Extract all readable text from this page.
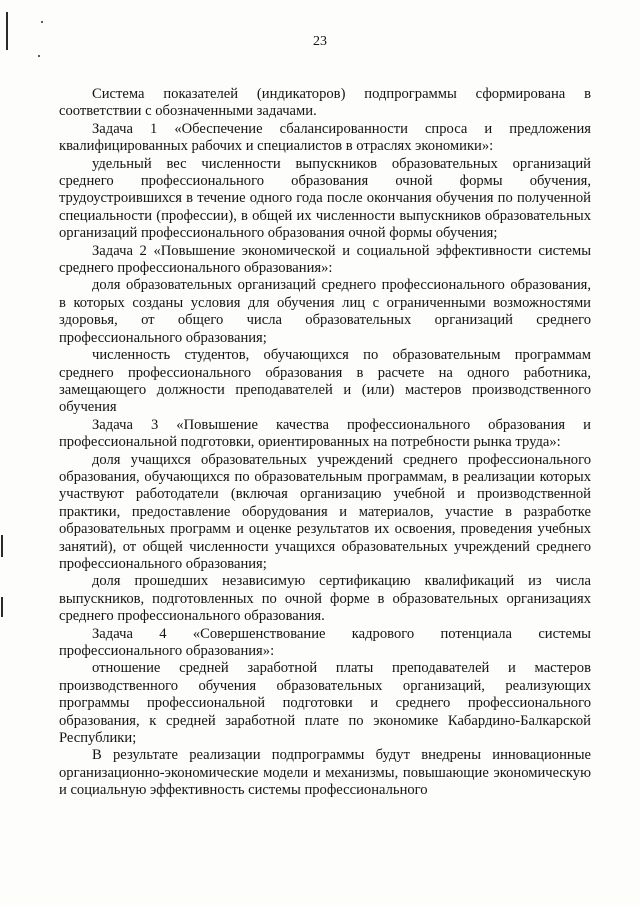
23

Система показателей (индикаторов) подпрограммы сформирована в соответствии с обозначенными задачами.

Задача 1 «Обеспечение сбалансированности спроса и предложения квалифицированных рабочих и специалистов в отраслях экономики»:

удельный вес численности выпускников образовательных организаций среднего профессионального образования очной формы обучения, трудоустроившихся в течение одного года после окончания обучения по полученной специальности (профессии), в общей их численности выпускников образовательных организаций профессионального образования очной формы обучения;

Задача 2 «Повышение экономической и социальной эффективности системы среднего профессионального образования»:

доля образовательных организаций среднего профессионального образования, в которых созданы условия для обучения лиц с ограниченными возможностями здоровья, от общего числа образовательных организаций среднего профессионального образования;

численность студентов, обучающихся по образовательным программам среднего профессионального образования в расчете на одного работника, замещающего должности преподавателей и (или) мастеров производственного обучения

Задача 3 «Повышение качества профессионального образования и профессиональной подготовки, ориентированных на потребности рынка труда»:

доля учащихся образовательных учреждений среднего профессионального образования, обучающихся по образовательным программам, в реализации которых участвуют работодатели (включая организацию учебной и производственной практики, предоставление оборудования и материалов, участие в разработке образовательных программ и оценке результатов их освоения, проведения учебных занятий), от общей численности учащихся образовательных учреждений среднего профессионального образования;

доля прошедших независимую сертификацию квалификаций из числа выпускников, подготовленных по очной форме в образовательных организациях среднего профессионального образования.

Задача 4 «Совершенствование кадрового потенциала системы профессионального образования»:

отношение средней заработной платы преподавателей и мастеров производственного обучения образовательных организаций, реализующих программы профессиональной подготовки и среднего профессионального образования, к средней заработной плате по экономике Кабардино-Балкарской Республики;

В результате реализации подпрограммы будут внедрены инновационные организационно-экономические модели и механизмы, повышающие экономическую и социальную эффективность системы профессионального
